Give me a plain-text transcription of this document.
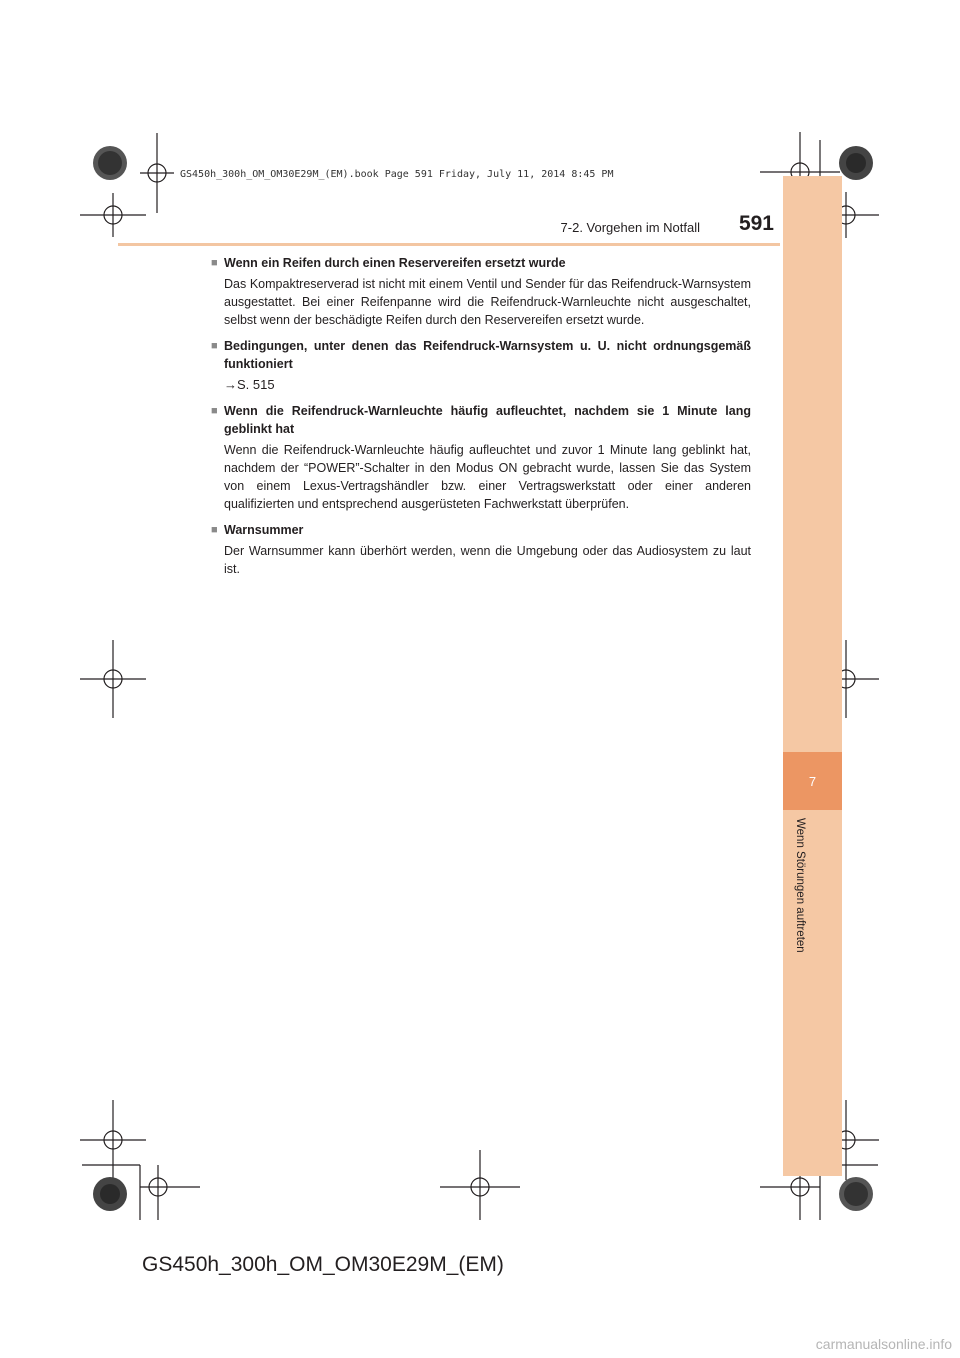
GS450h_300h_OM_OM30E29M_(EM).book Page 591 Friday, July 11, 2014 8:45 PM
7
Wenn Störungen auftreten
7-2. Vorgehen im Notfall	591
■ Wenn ein Reifen durch einen Reservereifen ersetzt wurde
Das Kompaktreserverad ist nicht mit einem Ventil und Sender für das Reifendruck-Warnsystem ausgestattet. Bei einer Reifenpanne wird die Reifendruck-Warnleuchte nicht ausgeschaltet, selbst wenn der beschädigte Reifen durch den Reservereifen ersetzt wurde.
■ Bedingungen, unter denen das Reifendruck-Warnsystem u. U. nicht ordnungsgemäß funktioniert
→S. 515
■ Wenn die Reifendruck-Warnleuchte häufig aufleuchtet, nachdem sie 1 Minute lang geblinkt hat
Wenn die Reifendruck-Warnleuchte häufig aufleuchtet und zuvor 1 Minute lang geblinkt hat, nachdem der “POWER”-Schalter in den Modus ON gebracht wurde, lassen Sie das System von einem Lexus-Vertragshändler bzw. einer Vertragswerkstatt oder einer anderen qualifizierten und entsprechend ausgerüsteten Fachwerkstatt überprüfen.
■ Warnsummer
Der Warnsummer kann überhört werden, wenn die Umgebung oder das Audiosystem zu laut ist.
GS450h_300h_OM_OM30E29M_(EM)
carmanualsonline.info
